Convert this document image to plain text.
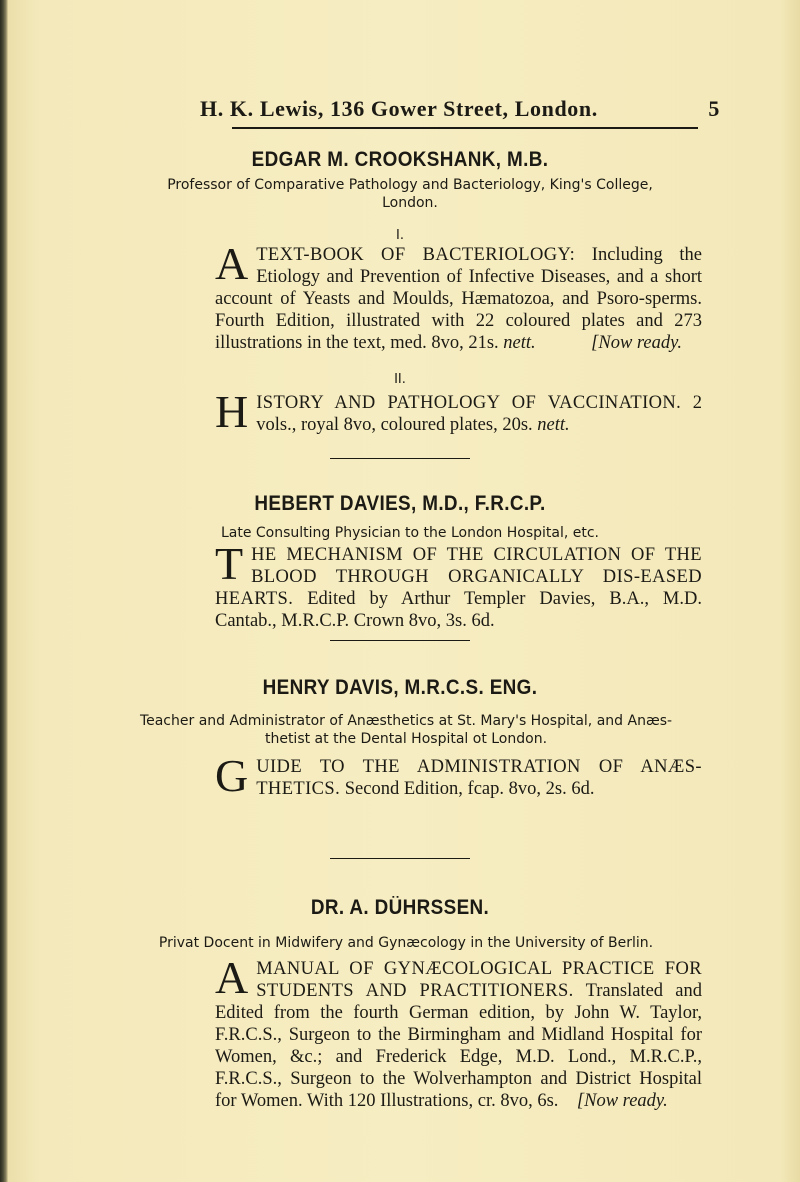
H. K. Lewis, 136 Gower Street, London.	5
EDGAR M. CROOKSHANK, M.B.
Professor of Comparative Pathology and Bacteriology, King's College, London.
I.
A TEXT-BOOK OF BACTERIOLOGY: Including the Etiology and Prevention of Infective Diseases, and a short account of Yeasts and Moulds, Hæmatozoa, and Psoro-sperms. Fourth Edition, illustrated with 22 coloured plates and 273 illustrations in the text, med. 8vo, 21s. nett.	[Now ready.
II.
HISTORY AND PATHOLOGY OF VACCINATION. 2 vols., royal 8vo, coloured plates, 20s. nett.
HEBERT DAVIES, M.D., F.R.C.P.
Late Consulting Physician to the London Hospital, etc.
THE MECHANISM OF THE CIRCULATION OF THE BLOOD THROUGH ORGANICALLY DIS-EASED HEARTS. Edited by Arthur Templer Davies, B.A., M.D. Cantab., M.R.C.P. Crown 8vo, 3s. 6d.
HENRY DAVIS, M.R.C.S. ENG.
Teacher and Administrator of Anæsthetics at St. Mary's Hospital, and Anæs-thetist at the Dental Hospital ot London.
GUIDE TO THE ADMINISTRATION OF ANÆS-THETICS. Second Edition, fcap. 8vo, 2s. 6d.
DR. A. DÜHRSSEN.
Privat Docent in Midwifery and Gynæcology in the University of Berlin.
A MANUAL OF GYNÆCOLOGICAL PRACTICE FOR STUDENTS AND PRACTITIONERS. Translated and Edited from the fourth German edition, by John W. Taylor, F.R.C.S., Surgeon to the Birmingham and Midland Hospital for Women, &c.; and Frederick Edge, M.D. Lond., M.R.C.P., F.R.C.S., Surgeon to the Wolverhampton and District Hospital for Women. With 120 Illustrations, cr. 8vo, 6s.    [Now ready.
